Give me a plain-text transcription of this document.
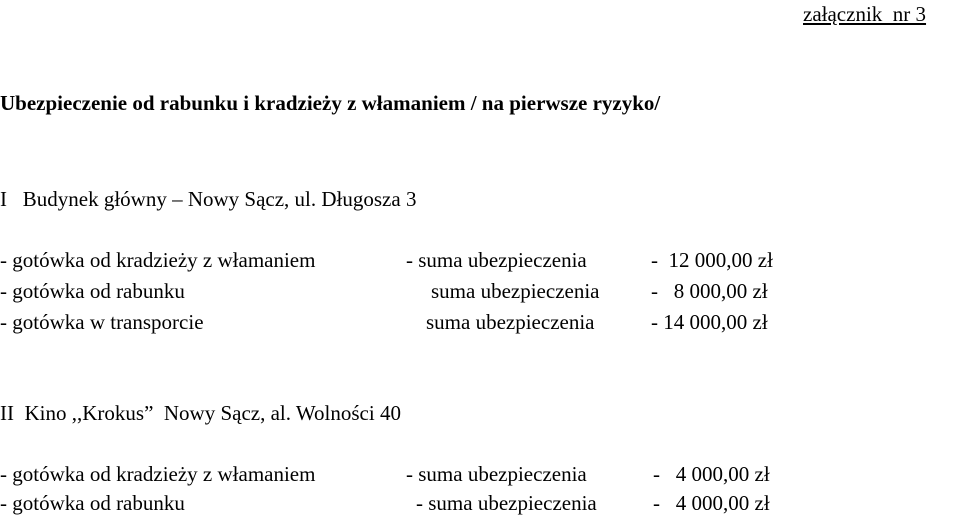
załącznik  nr 3
Ubezpieczenie od rabunku i kradzieży z włamaniem / na pierwsze ryzyko/
I   Budynek główny – Nowy Sącz, ul. Długosza 3
- gotówka od kradzieży z włamaniem	- suma ubezpieczenia	-  12 000,00 zł
- gotówka od rabunku	suma ubezpieczenia -   8 000,00 zł
- gotówka w transporcie	suma ubezpieczenia	- 14 000,00 zł
II  Kino ,,Krokus”  Nowy Sącz, al. Wolności 40
- gotówka od kradzieży z włamaniem	- suma ubezpieczenia	-   4 000,00 zł
- gotówka od rabunku	- suma ubezpieczenia	-   4 000,00 zł
